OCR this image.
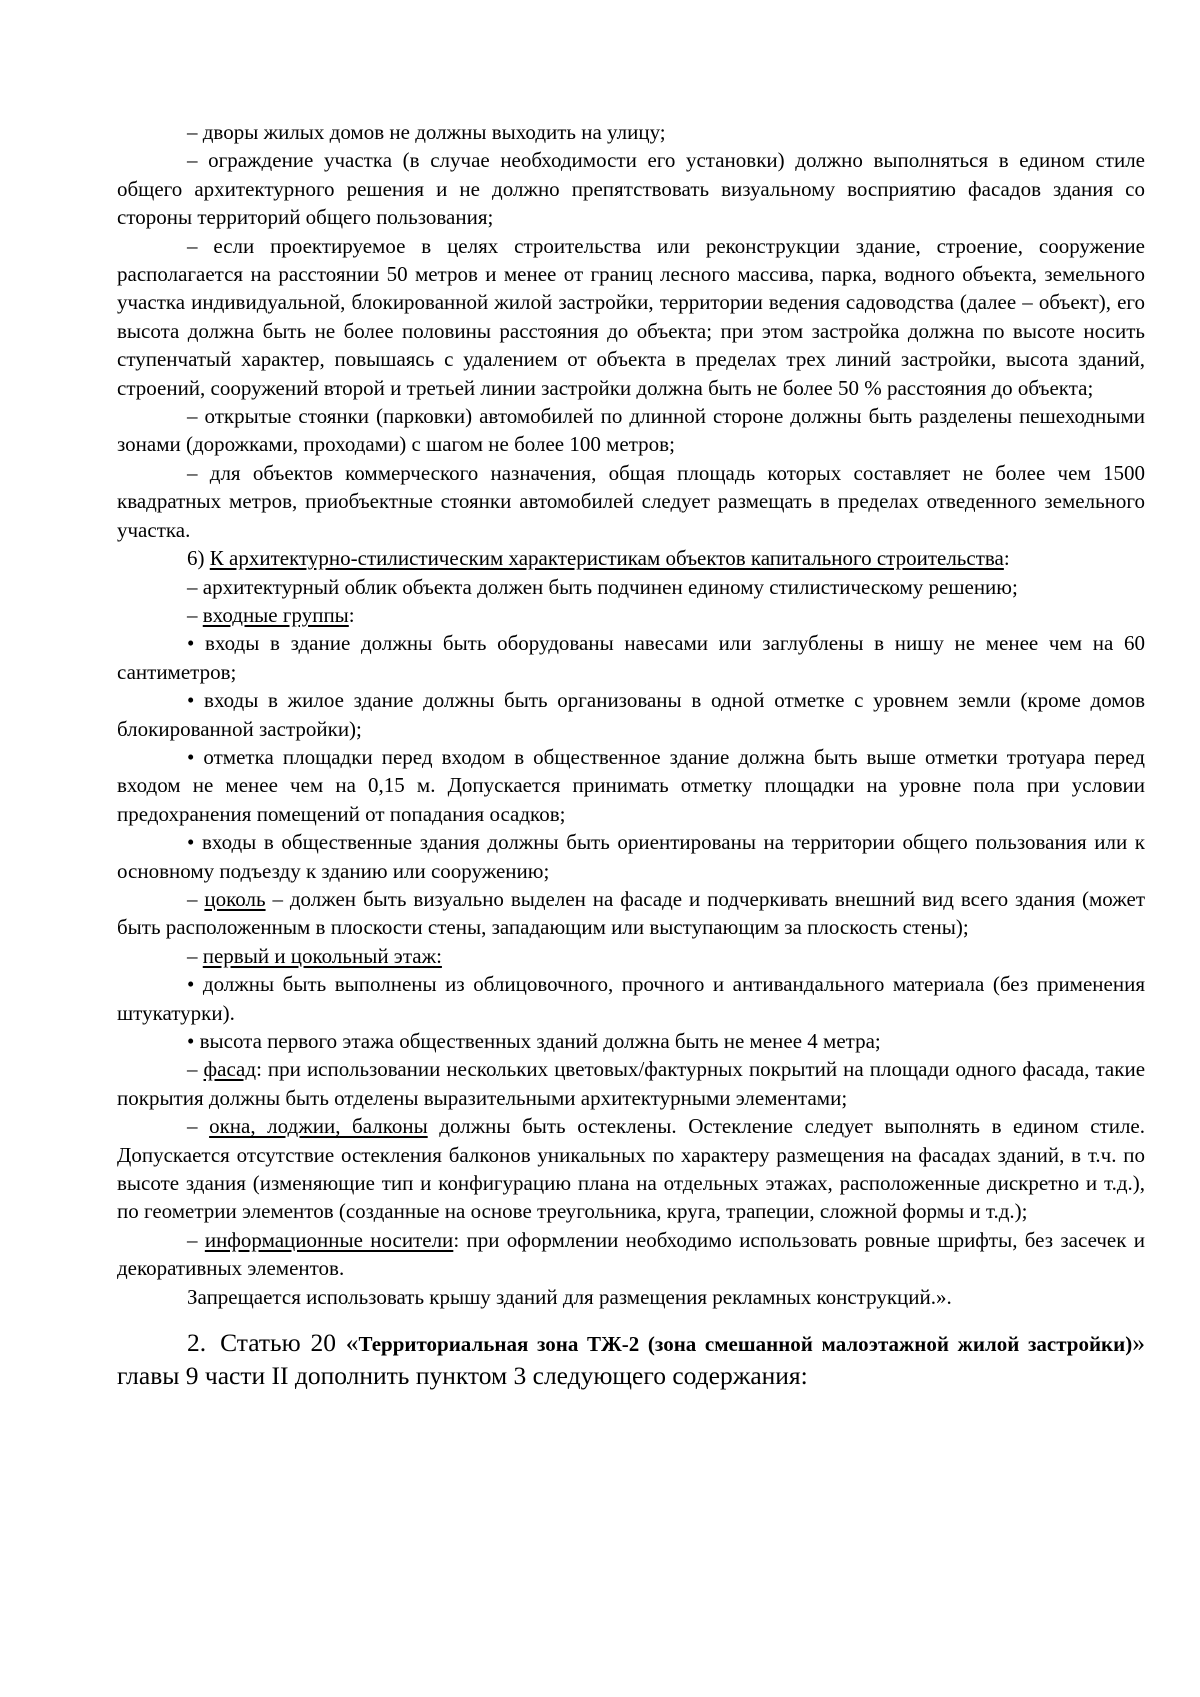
– дворы жилых домов не должны выходить на улицу;

– ограждение участка (в случае необходимости его установки) должно выполняться в едином стиле общего архитектурного решения и не должно препятствовать визуальному восприятию фасадов здания со стороны территорий общего пользования;

– если проектируемое в целях строительства или реконструкции здание, строение, сооружение располагается на расстоянии 50 метров и менее от границ лесного массива, парка, водного объекта, земельного участка индивидуальной, блокированной жилой застройки, территории ведения садоводства (далее – объект), его высота должна быть не более половины расстояния до объекта; при этом застройка должна по высоте носить ступенчатый характер, повышаясь с удалением от объекта в пределах трех линий застройки, высота зданий, строений, сооружений второй и третьей линии застройки должна быть не более 50 % расстояния до объекта;

– открытые стоянки (парковки) автомобилей по длинной стороне должны быть разделены пешеходными зонами (дорожками, проходами) с шагом не более 100 метров;

– для объектов коммерческого назначения, общая площадь которых составляет не более чем 1500 квадратных метров, приобъектные стоянки автомобилей следует размещать в пределах отведенного земельного участка.

6) К архитектурно-стилистическим характеристикам объектов капитального строительства:

– архитектурный облик объекта должен быть подчинен единому стилистическому решению;

– входные группы:

• входы в здание должны быть оборудованы навесами или заглублены в нишу не менее чем на 60 сантиметров;

• входы в жилое здание должны быть организованы в одной отметке с уровнем земли (кроме домов блокированной застройки);

• отметка площадки перед входом в общественное здание должна быть выше отметки тротуара перед входом не менее чем на 0,15 м. Допускается принимать отметку площадки на уровне пола при условии предохранения помещений от попадания осадков;

• входы в общественные здания должны быть ориентированы на территории общего пользования или к основному подъезду к зданию или сооружению;

– цоколь – должен быть визуально выделен на фасаде и подчеркивать внешний вид всего здания (может быть расположенным в плоскости стены, западающим или выступающим за плоскость стены);

– первый и цокольный этаж:

• должны быть выполнены из облицовочного, прочного и антивандального материала (без применения штукатурки).

• высота первого этажа общественных зданий должна быть не менее 4 метра;

– фасад: при использовании нескольких цветовых/фактурных покрытий на площади одного фасада, такие покрытия должны быть отделены выразительными архитектурными элементами;

– окна, лоджии, балконы должны быть остеклены. Остекление следует выполнять в едином стиле. Допускается отсутствие остекления балконов уникальных по характеру размещения на фасадах зданий, в т.ч. по высоте здания (изменяющие тип и конфигурацию плана на отдельных этажах, расположенные дискретно и т.д.), по геометрии элементов (созданные на основе треугольника, круга, трапеции, сложной формы и т.д.);

– информационные носители: при оформлении необходимо использовать ровные шрифты, без засечек и декоративных элементов.

Запрещается использовать крышу зданий для размещения рекламных конструкций.».

2. Статью 20 «Территориальная зона ТЖ-2 (зона смешанной малоэтажной жилой застройки)» главы 9 части II дополнить пунктом 3 следующего содержания:
